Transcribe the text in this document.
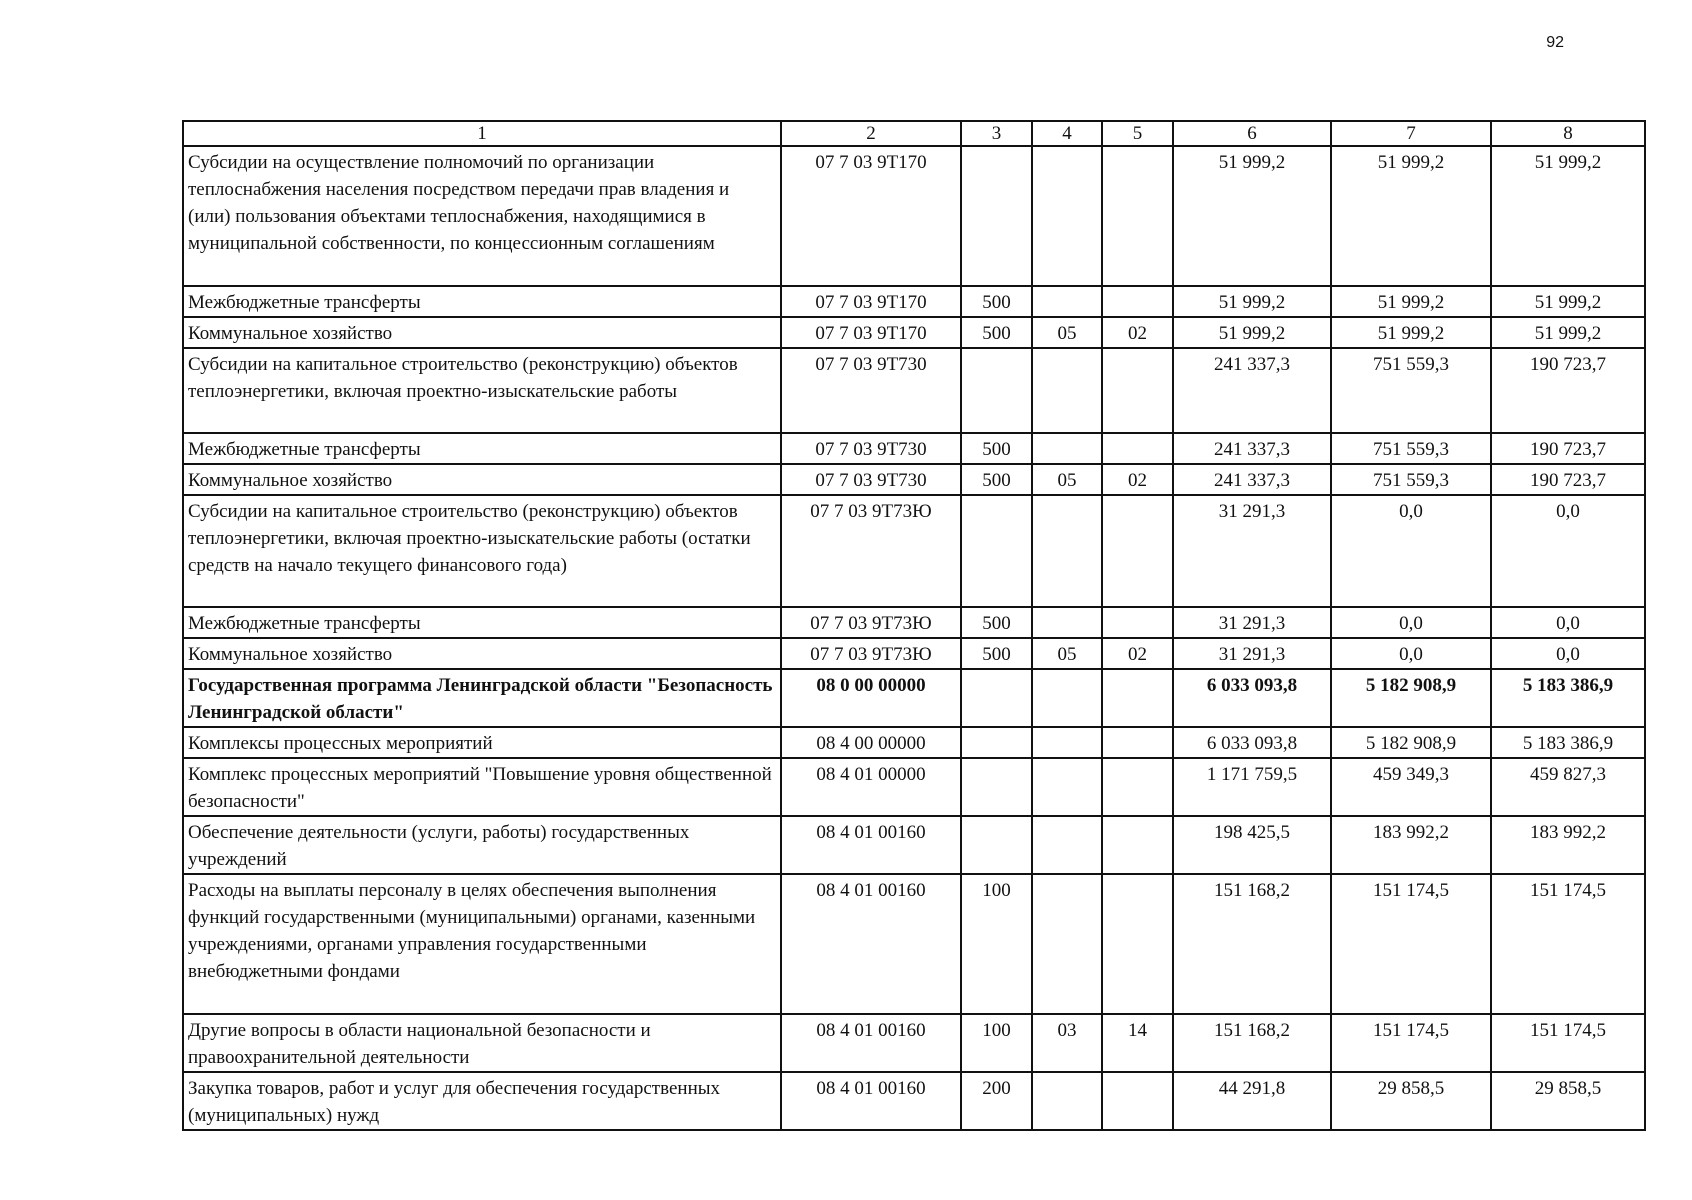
92
1	2	3	4	5	6	7	8
Субсидии на осуществление полномочий по организации теплоснабжения населения посредством передачи прав владения и (или) пользования объектами теплоснабжения, находящимися в муниципальной собственности, по концессионным соглашениям	07 7 03 9Т170				51 999,2	51 999,2	51 999,2
Межбюджетные трансферты	07 7 03 9Т170	500			51 999,2	51 999,2	51 999,2
Коммунальное хозяйство	07 7 03 9Т170	500	05	02	51 999,2	51 999,2	51 999,2
Субсидии на капитальное строительство (реконструкцию) объектов теплоэнергетики, включая проектно-изыскательские работы	07 7 03 9Т730				241 337,3	751 559,3	190 723,7
Межбюджетные трансферты	07 7 03 9Т730	500			241 337,3	751 559,3	190 723,7
Коммунальное хозяйство	07 7 03 9Т730	500	05	02	241 337,3	751 559,3	190 723,7
Субсидии на капитальное строительство (реконструкцию) объектов теплоэнергетики, включая проектно-изыскательские работы (остатки средств на начало текущего финансового года)	07 7 03 9Т73Ю				31 291,3	0,0	0,0
Межбюджетные трансферты	07 7 03 9Т73Ю	500			31 291,3	0,0	0,0
Коммунальное хозяйство	07 7 03 9Т73Ю	500	05	02	31 291,3	0,0	0,0
Государственная программа Ленинградской области "Безопасность Ленинградской области"	08 0 00 00000				6 033 093,8	5 182 908,9	5 183 386,9
Комплексы процессных мероприятий	08 4 00 00000				6 033 093,8	5 182 908,9	5 183 386,9
Комплекс процессных мероприятий "Повышение уровня общественной безопасности"	08 4 01 00000				1 171 759,5	459 349,3	459 827,3
Обеспечение деятельности (услуги, работы) государственных учреждений	08 4 01 00160				198 425,5	183 992,2	183 992,2
Расходы на выплаты персоналу в целях обеспечения выполнения функций государственными (муниципальными) органами, казенными учреждениями, органами управления государственными внебюджетными фондами	08 4 01 00160	100			151 168,2	151 174,5	151 174,5
Другие вопросы в области национальной безопасности и правоохранительной деятельности	08 4 01 00160	100	03	14	151 168,2	151 174,5	151 174,5
Закупка товаров, работ и услуг для обеспечения государственных (муниципальных) нужд	08 4 01 00160	200			44 291,8	29 858,5	29 858,5
